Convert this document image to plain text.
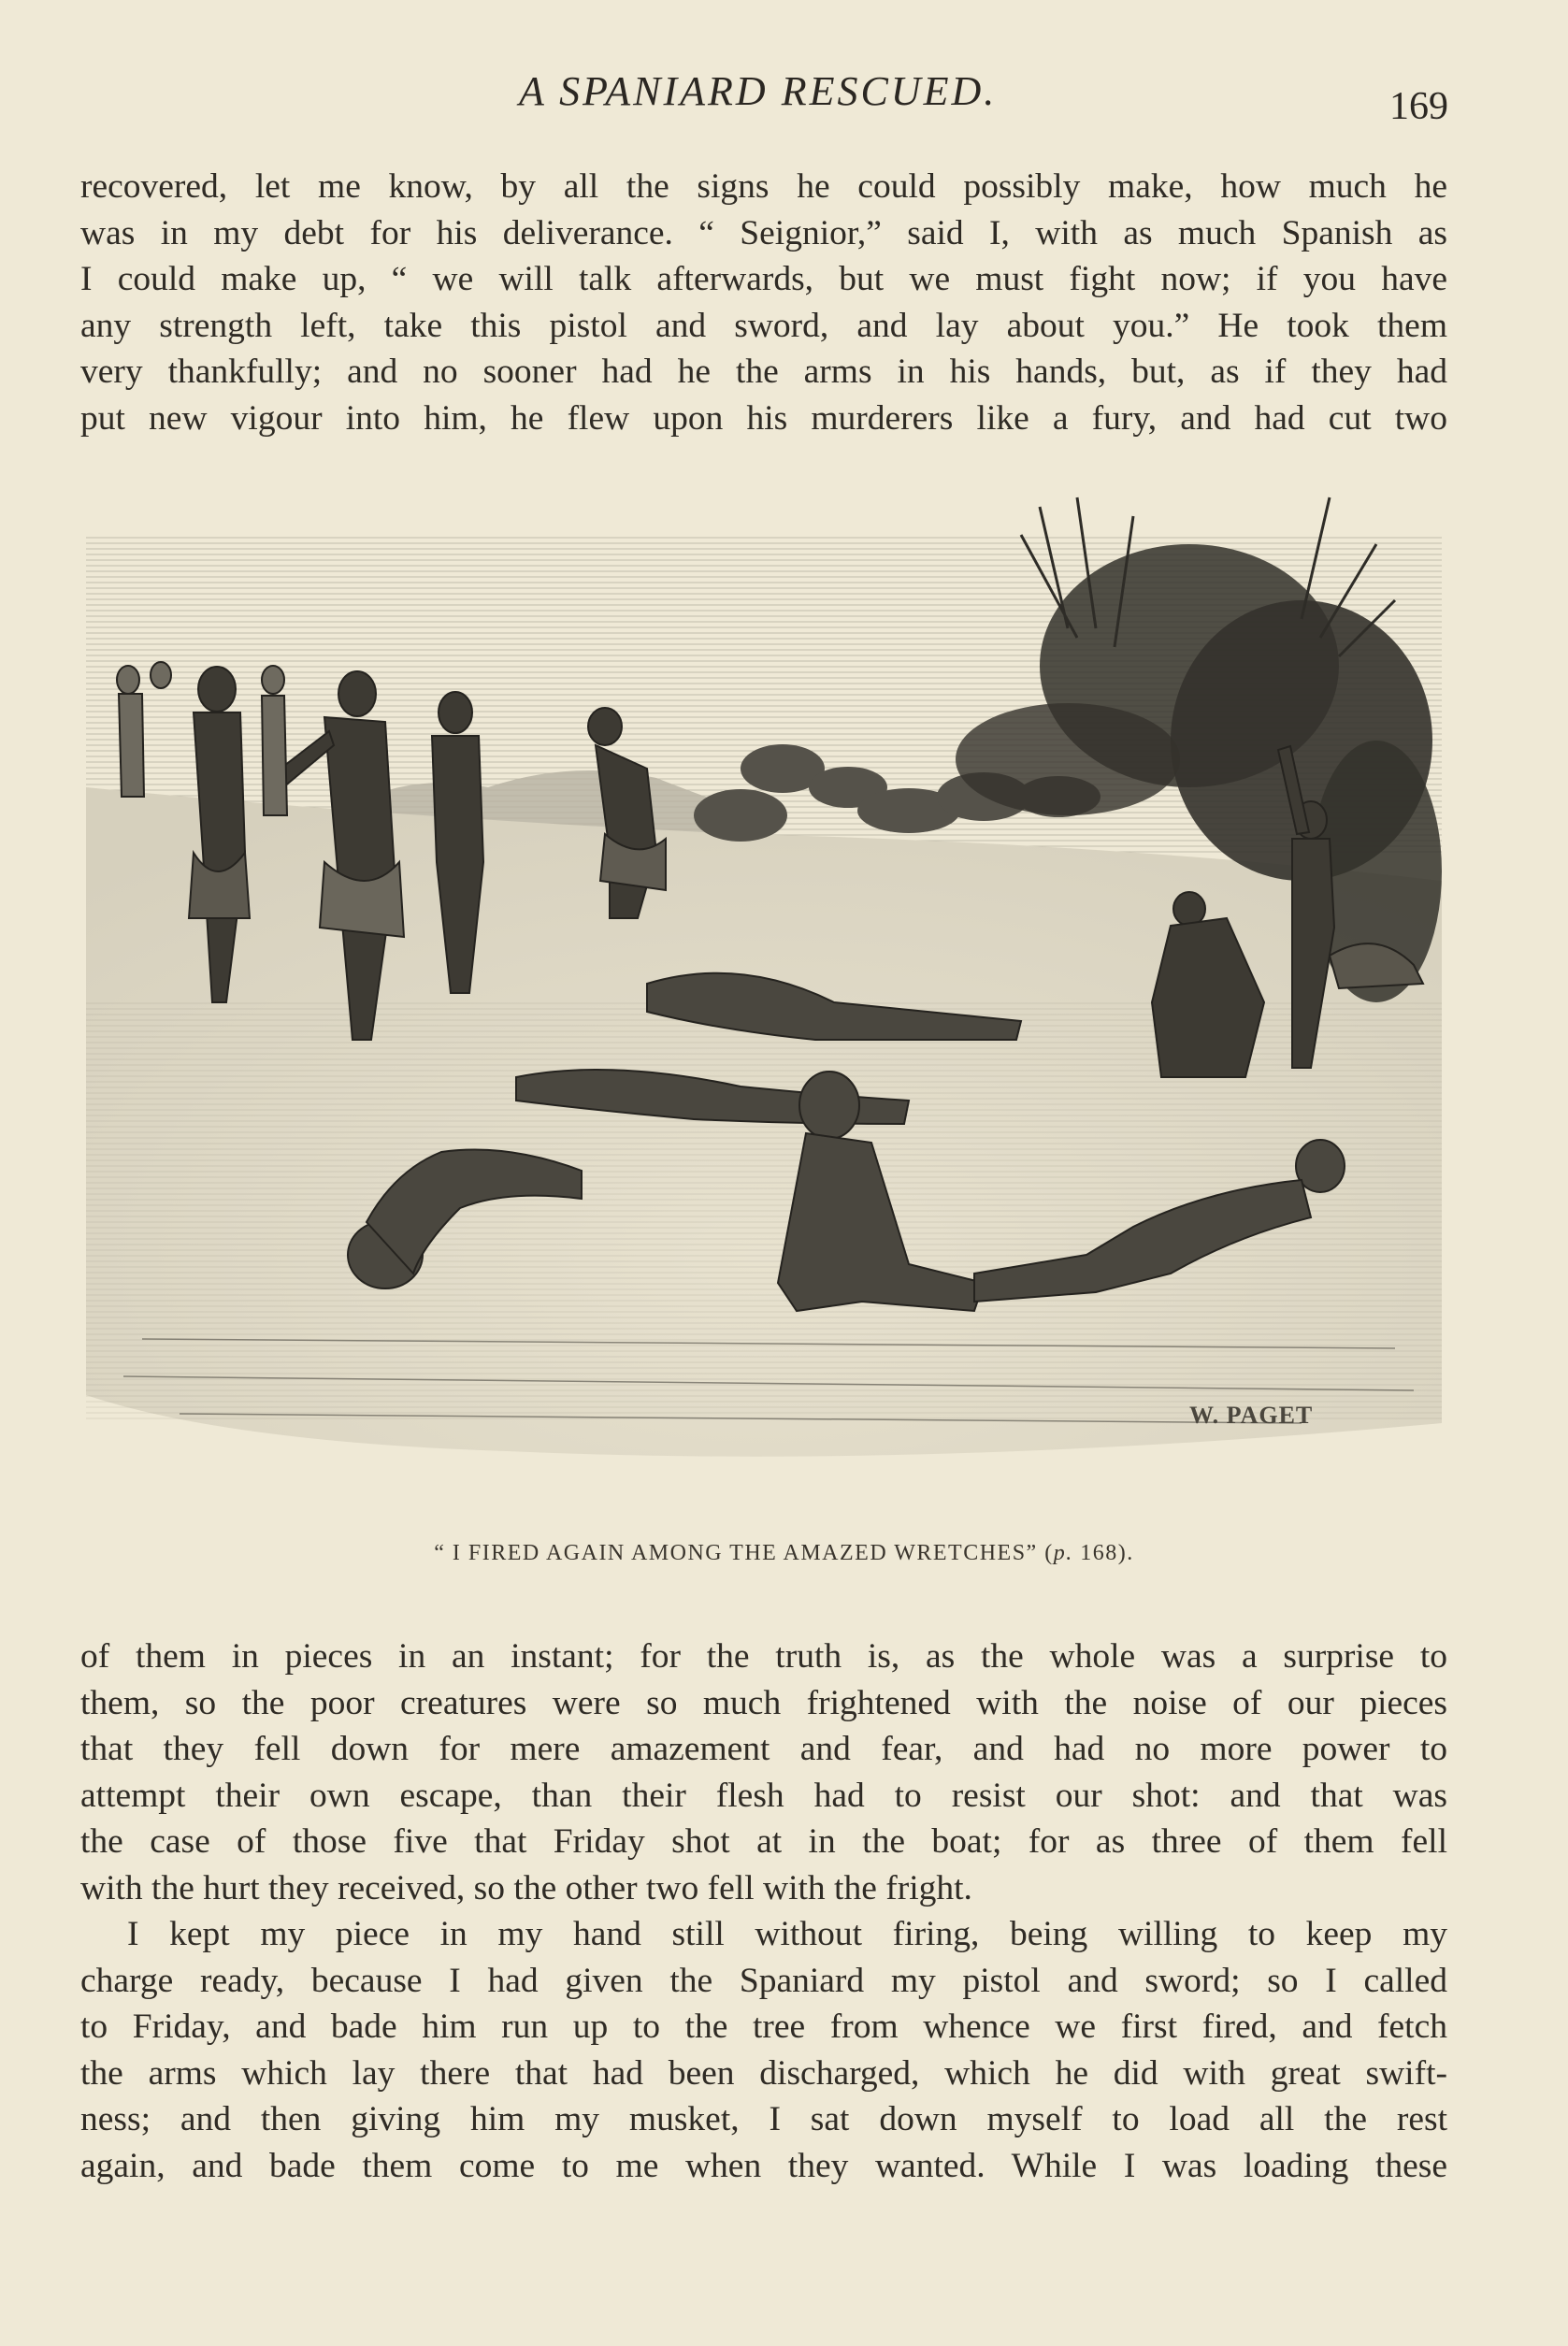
A SPANIARD RESCUED.	169
recovered, let me know, by all the signs he could possibly make, how much he
was in my debt for his deliverance. “ Seignior,” said I, with as much Spanish as
I could make up, “ we will talk afterwards, but we must fight now; if you have
any strength left, take this pistol and sword, and lay about you.” He took them
very thankfully; and no sooner had he the arms in his hands, but, as if they had
put new vigour into him, he flew upon his murderers like a fury, and had cut two
W. PAGET
“ I FIRED AGAIN AMONG THE AMAZED WRETCHES” (p. 168).

of them in pieces in an instant; for the truth is, as the whole was a surprise to
them, so the poor creatures were so much frightened with the noise of our pieces
that they fell down for mere amazement and fear, and had no more power to
attempt their own escape, than their flesh had to resist our shot: and that was
the case of those five that Friday shot at in the boat; for as three of them fell
with the hurt they received, so the other two fell with the fright.

I kept my piece in my hand still without firing, being willing to keep my
charge ready, because I had given the Spaniard my pistol and sword; so I called
to Friday, and bade him run up to the tree from whence we first fired, and fetch
the arms which lay there that had been discharged, which he did with great swift-
ness; and then giving him my musket, I sat down myself to load all the rest
again, and bade them come to me when they wanted. While I was loading these
